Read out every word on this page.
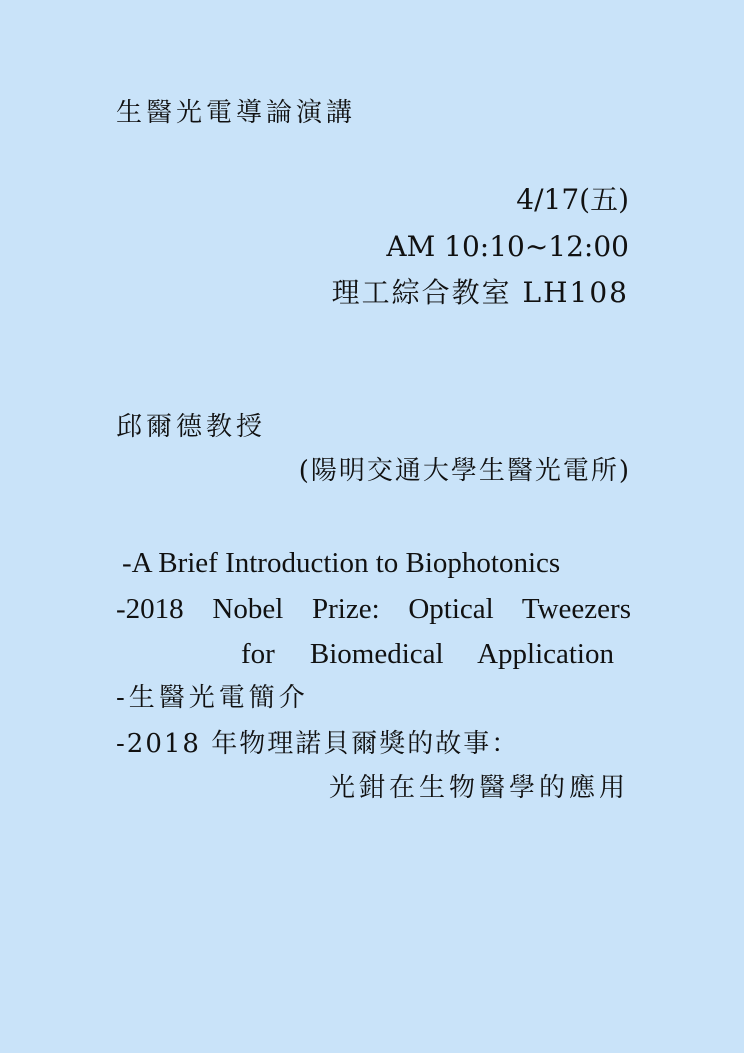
生醫光電導論演講
4/17(五)
AM 10:10~12:00
理工綜合教室 LH108
邱爾德教授
(陽明交通大學生醫光電所)
-A Brief Introduction to Biophotonics
-2018 Nobel Prize: Optical Tweezers
for Biomedical Application
-生醫光電簡介
-2018 年物理諾貝爾獎的故事：
光鉗在生物醫學的應用
